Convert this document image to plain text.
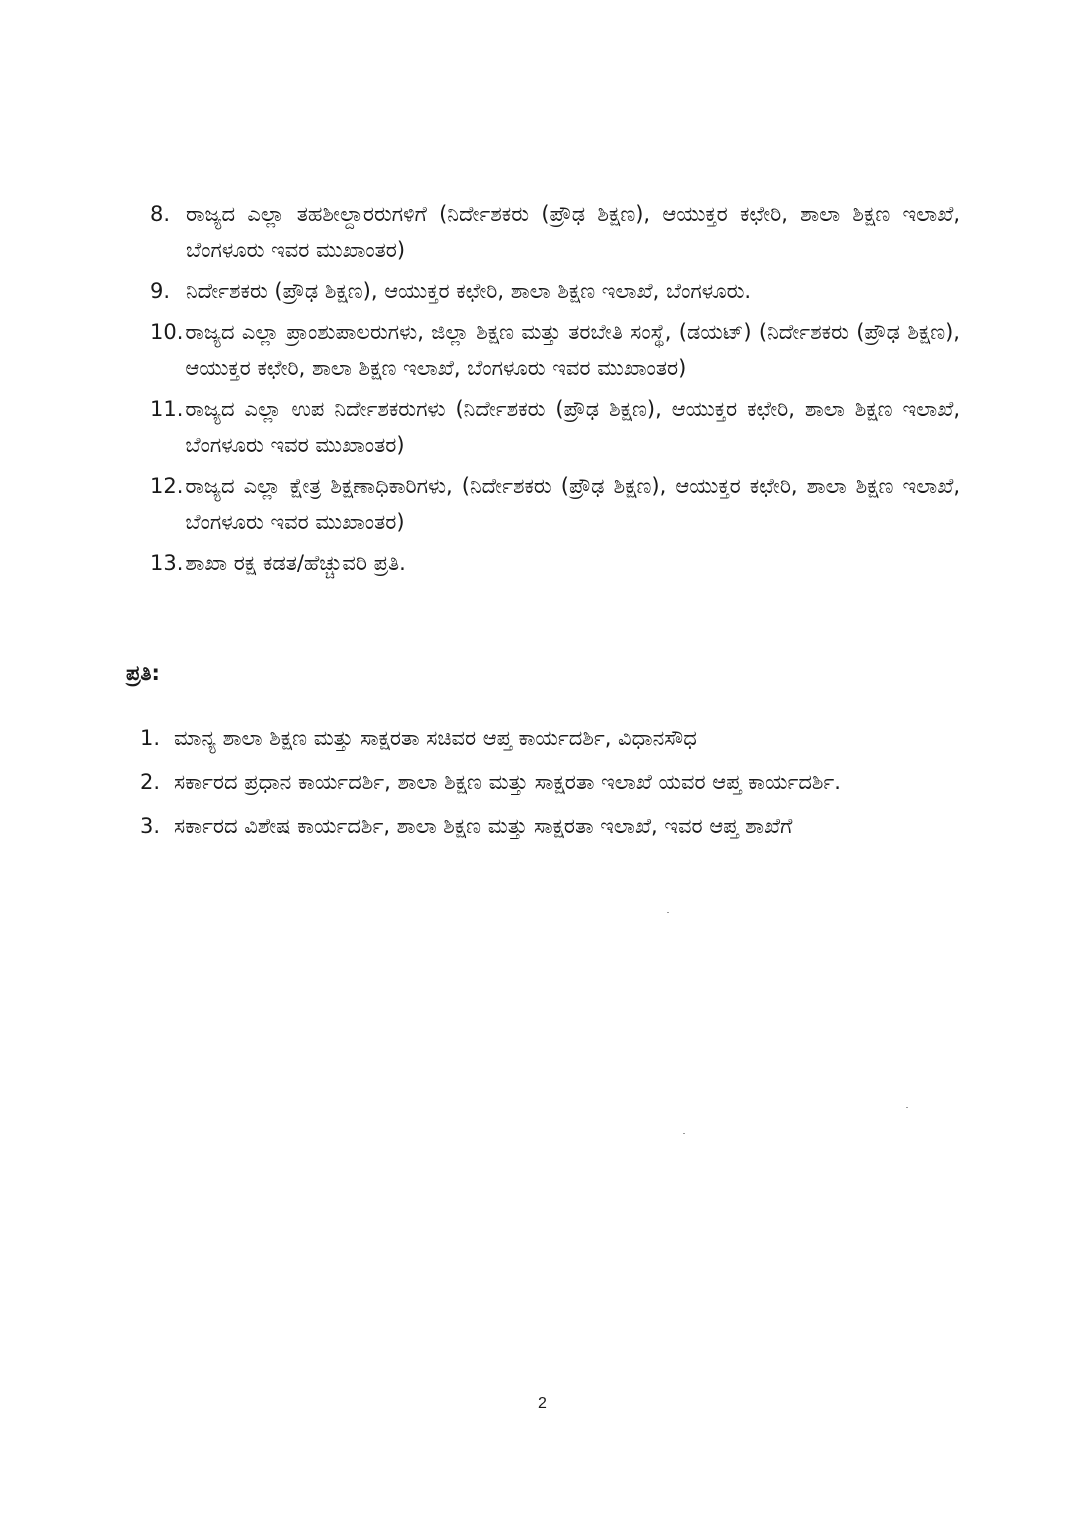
8. ರಾಜ್ಯದ ಎಲ್ಲಾ ತಹಶೀಲ್ದಾರರುಗಳಿಗೆ (ನಿರ್ದೇಶಕರು (ಪ್ರೌಢ ಶಿಕ್ಷಣ), ಆಯುಕ್ತರ ಕಛೇರಿ, ಶಾಲಾ ಶಿಕ್ಷಣ ಇಲಾಖೆ, ಬೆಂಗಳೂರು ಇವರ ಮುಖಾಂತರ)
9. ನಿರ್ದೇಶಕರು (ಪ್ರೌಢ ಶಿಕ್ಷಣ), ಆಯುಕ್ತರ ಕಛೇರಿ, ಶಾಲಾ ಶಿಕ್ಷಣ ಇಲಾಖೆ, ಬೆಂಗಳೂರು.
10. ರಾಜ್ಯದ ಎಲ್ಲಾ ಪ್ರಾಂಶುಪಾಲರುಗಳು, ಜಿಲ್ಲಾ ಶಿಕ್ಷಣ ಮತ್ತು ತರಬೇತಿ ಸಂಸ್ಥೆ, (ಡಯಟ್) (ನಿರ್ದೇಶಕರು (ಪ್ರೌಢ ಶಿಕ್ಷಣ), ಆಯುಕ್ತರ ಕಛೇರಿ, ಶಾಲಾ ಶಿಕ್ಷಣ ಇಲಾಖೆ, ಬೆಂಗಳೂರು ಇವರ ಮುಖಾಂತರ)
11. ರಾಜ್ಯದ ಎಲ್ಲಾ ಉಪ ನಿರ್ದೇಶಕರುಗಳು (ನಿರ್ದೇಶಕರು (ಪ್ರೌಢ ಶಿಕ್ಷಣ), ಆಯುಕ್ತರ ಕಛೇರಿ, ಶಾಲಾ ಶಿಕ್ಷಣ ಇಲಾಖೆ, ಬೆಂಗಳೂರು ಇವರ ಮುಖಾಂತರ)
12. ರಾಜ್ಯದ ಎಲ್ಲಾ ಕ್ಷೇತ್ರ ಶಿಕ್ಷಣಾಧಿಕಾರಿಗಳು, (ನಿರ್ದೇಶಕರು (ಪ್ರೌಢ ಶಿಕ್ಷಣ), ಆಯುಕ್ತರ ಕಛೇರಿ, ಶಾಲಾ ಶಿಕ್ಷಣ ಇಲಾಖೆ, ಬೆಂಗಳೂರು ಇವರ ಮುಖಾಂತರ)
13. ಶಾಖಾ ರಕ್ಷ ಕಡತ/ಹೆಚ್ಚುವರಿ ಪ್ರತಿ.
ಪ್ರತಿ:
1. ಮಾನ್ಯ ಶಾಲಾ ಶಿಕ್ಷಣ ಮತ್ತು ಸಾಕ್ಷರತಾ ಸಚಿವರ ಆಪ್ತ ಕಾರ್ಯದರ್ಶಿ, ವಿಧಾನಸೌಧ
2. ಸರ್ಕಾರದ ಪ್ರಧಾನ ಕಾರ್ಯದರ್ಶಿ, ಶಾಲಾ ಶಿಕ್ಷಣ ಮತ್ತು ಸಾಕ್ಷರತಾ ಇಲಾಖೆ ಯವರ ಆಪ್ತ ಕಾರ್ಯದರ್ಶಿ.
3. ಸರ್ಕಾರದ ವಿಶೇಷ ಕಾರ್ಯದರ್ಶಿ, ಶಾಲಾ ಶಿಕ್ಷಣ ಮತ್ತು ಸಾಕ್ಷರತಾ ಇಲಾಖೆ, ಇವರ ಆಪ್ತ ಶಾಖೆಗೆ
2
